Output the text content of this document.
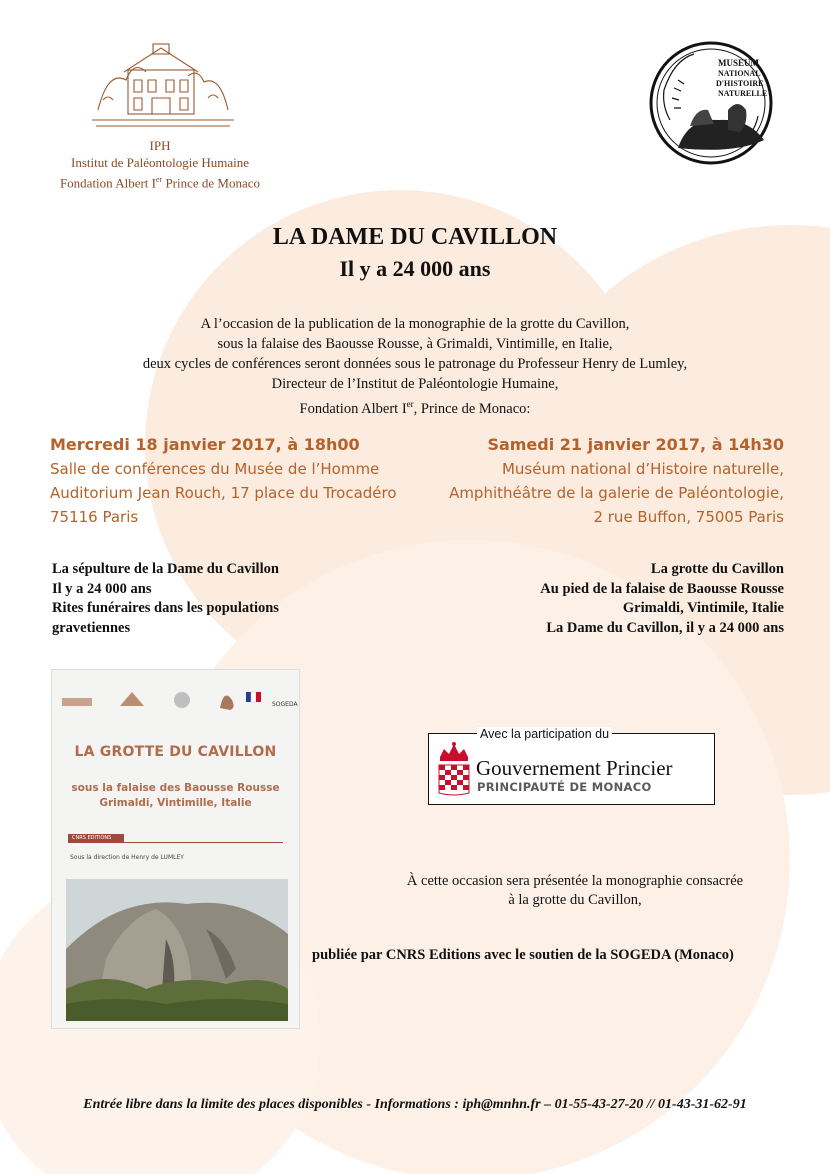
IPH
Institut de Paléontologie Humaine
Fondation Albert Ier Prince de Monaco
MUSEUM
NATIONAL
D'HISTOIRE
NATURELLE
LA DAME DU CAVILLON
Il y a 24 000 ans
A l’occasion de la publication de la monographie de la grotte du Cavillon,
sous la falaise des Baousse Rousse, à Grimaldi, Vintimille, en Italie,
deux cycles de conférences seront données sous le patronage du Professeur Henry de Lumley,
Directeur de l’Institut de Paléontologie Humaine,
Fondation Albert Ier, Prince de Monaco:
Mercredi 18 janvier 2017, à 18h00
Salle de conférences du Musée de l’Homme
Auditorium Jean Rouch, 17 place du Trocadéro
75116 Paris
Samedi 21 janvier 2017, à 14h30
Muséum national d’Histoire naturelle,
Amphithéâtre de la galerie de Paléontologie,
2 rue Buffon, 75005 Paris
La sépulture de la Dame du Cavillon
Il y a 24 000 ans
Rites funéraires dans les populations
gravetiennes
La grotte du Cavillon
Au pied de la falaise de Baousse Rousse
Grimaldi, Vintimile, Italie
La Dame du Cavillon, il y a 24 000 ans
SOGEDA
LA GROTTE DU CAVILLON
sous la falaise des Baousse Rousse
Grimaldi, Vintimille, Italie
CNRS EDITIONS
Sous la direction de Henry de LUMLEY
Avec la participation du
Gouvernement Princier
PRINCIPAUTÉ DE MONACO
À cette occasion sera présentée la monographie consacrée
à la grotte du Cavillon,
publiée par CNRS Editions avec le soutien de la SOGEDA (Monaco)
Entrée libre dans la limite des places disponibles - Informations : iph@mnhn.fr – 01-55-43-27-20 // 01-43-31-62-91
